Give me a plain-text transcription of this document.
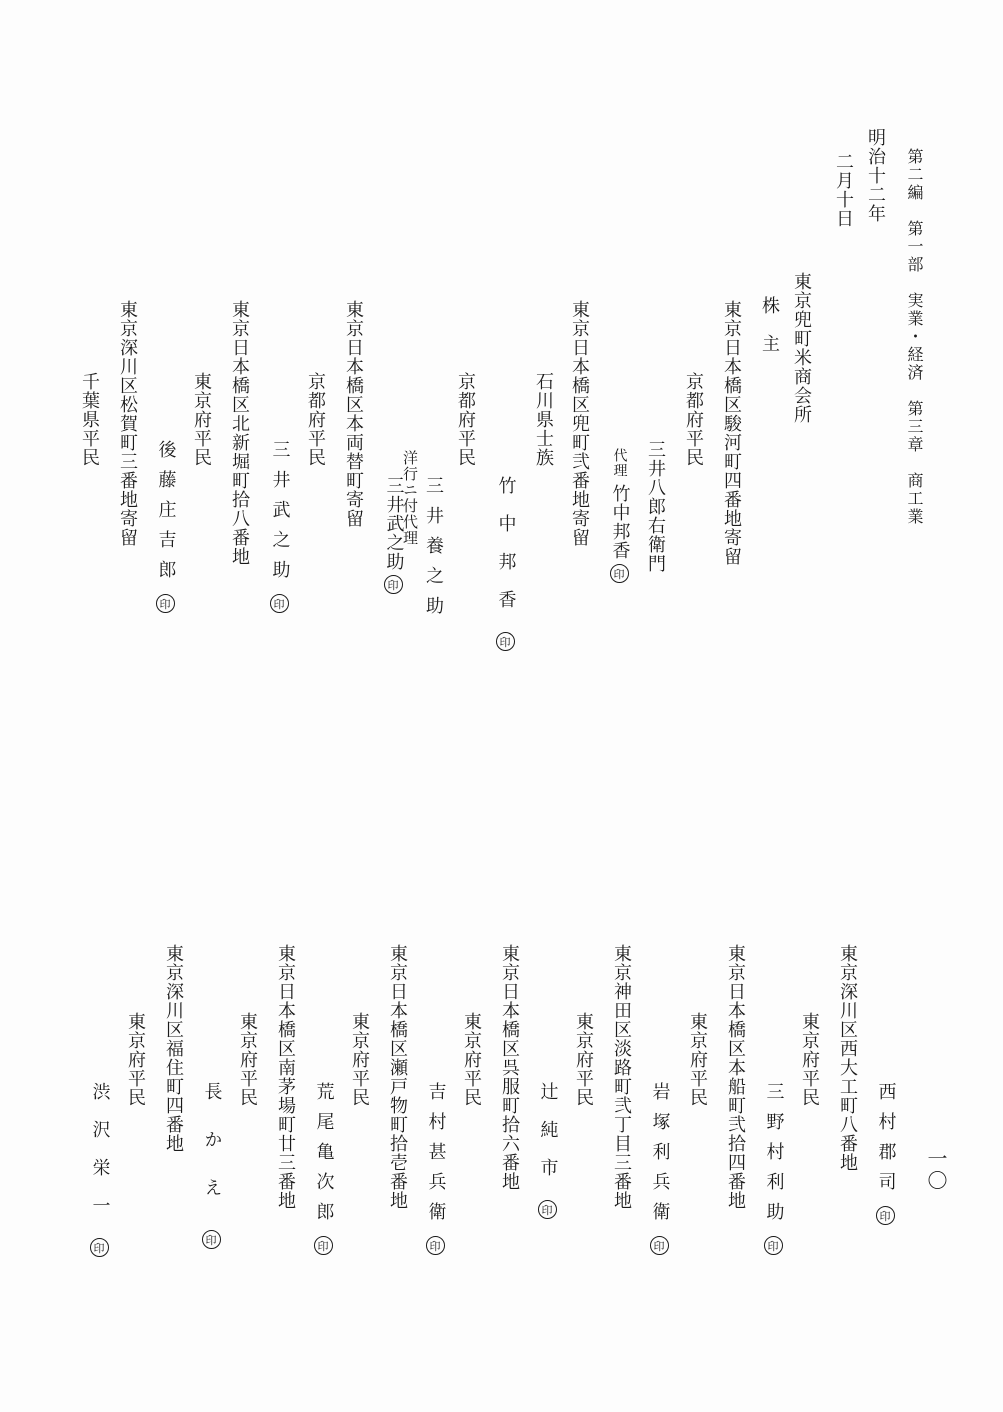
第二編　第一部　実業・経済　第三章　商工業
明治十二年
二月十日
東京兜町米商会所
株　主
東京日本橋区駿河町四番地寄留
京都府平民
三井八郎右衛門
代理竹中邦香印
東京日本橋区兜町弐番地寄留
石川県士族
京都府平民
竹中邦香印
三井養之助
洋行ニ付代理
三井武之助印
東京日本橋区本両替町寄留
京都府平民
三井武之助印
東京日本橋区北新堀町拾八番地
東京府平民
後藤庄吉郎印
東京深川区松賀町三番地寄留
千葉県平民
西村郡司印
東京深川区西大工町八番地
東京府平民
三野村利助印
東京日本橋区本船町弐拾四番地
東京府平民
岩塚利兵衛印
東京神田区淡路町弐丁目三番地
東京府平民
辻純市印
東京日本橋区呉服町拾六番地
東京府平民
吉村甚兵衛印
東京日本橋区瀬戸物町拾壱番地
東京府平民
荒尾亀次郎印
東京日本橋区南茅場町廿三番地
東京府平民
長かえ印
東京深川区福住町四番地
東京府平民
渋沢栄一印
一〇
